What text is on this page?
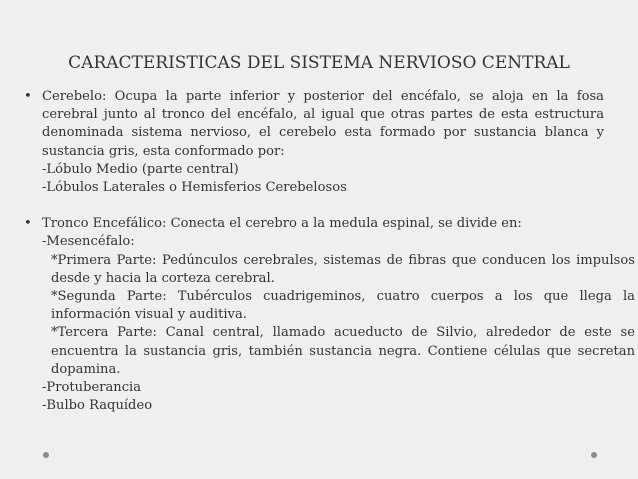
CARACTERISTICAS DEL SISTEMA NERVIOSO CENTRAL
• Cerebelo: Ocupa la parte inferior y posterior del encéfalo, se aloja en la fosa cerebral junto al tronco del encéfalo, al igual que otras partes de esta estructura denominada sistema nervioso, el cerebelo esta formado por sustancia blanca y sustancia gris, esta conformado por:

-Lóbulo Medio (parte central)

-Lóbulos Laterales o Hemisferios Cerebelosos

• Tronco Encefálico: Conecta el cerebro a la medula espinal, se divide en:

-Mesencéfalo:

*Primera Parte: Pedúnculos cerebrales, sistemas de fibras que conducen los impulsos desde y hacia la corteza cerebral.

*Segunda Parte: Tubérculos cuadrigeminos, cuatro cuerpos a los que llega la información visual y auditiva.

*Tercera Parte: Canal central, llamado acueducto de Silvio, alrededor de este se encuentra la sustancia gris, también sustancia negra. Contiene células que secretan dopamina.

-Protuberancia

-Bulbo Raquídeo
